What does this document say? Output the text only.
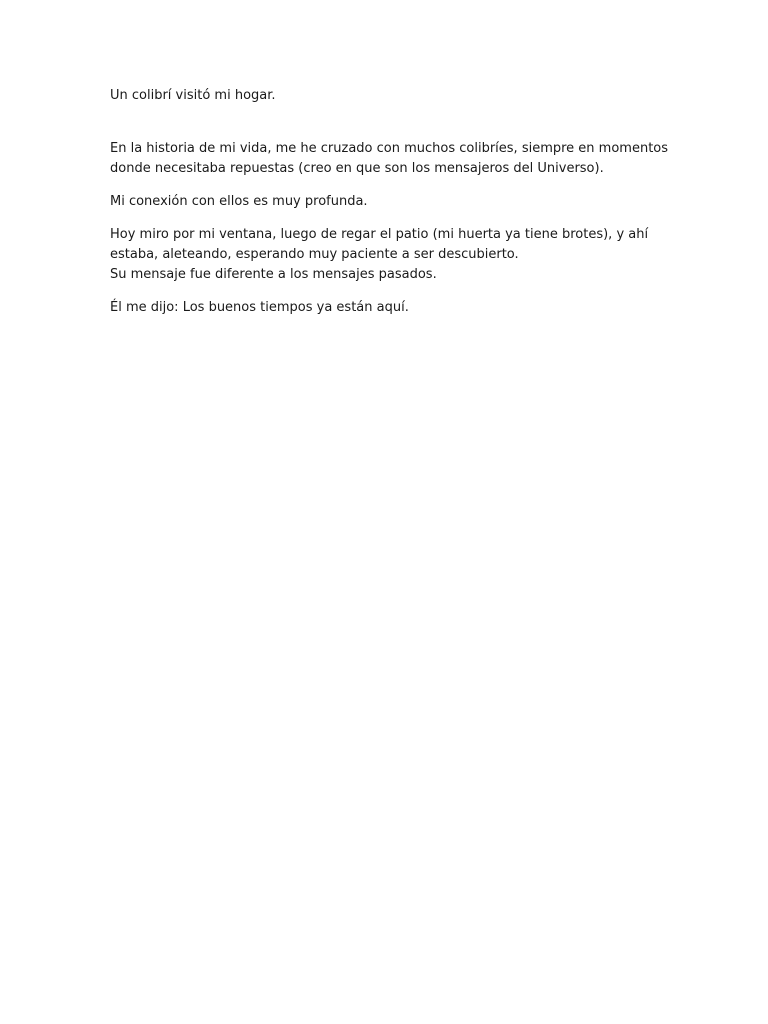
Un colibrí visitó mi hogar.

En la historia de mi vida, me he cruzado con muchos colibríes, siempre en momentos donde necesitaba repuestas (creo en que son los mensajeros del Universo).

Mi conexión con ellos es muy profunda.

Hoy miro por mi ventana, luego de regar el patio (mi huerta ya tiene brotes), y ahí estaba, aleteando, esperando muy paciente a ser descubierto.

Su mensaje fue diferente a los mensajes pasados.

Él me dijo: Los buenos tiempos ya están aquí.
